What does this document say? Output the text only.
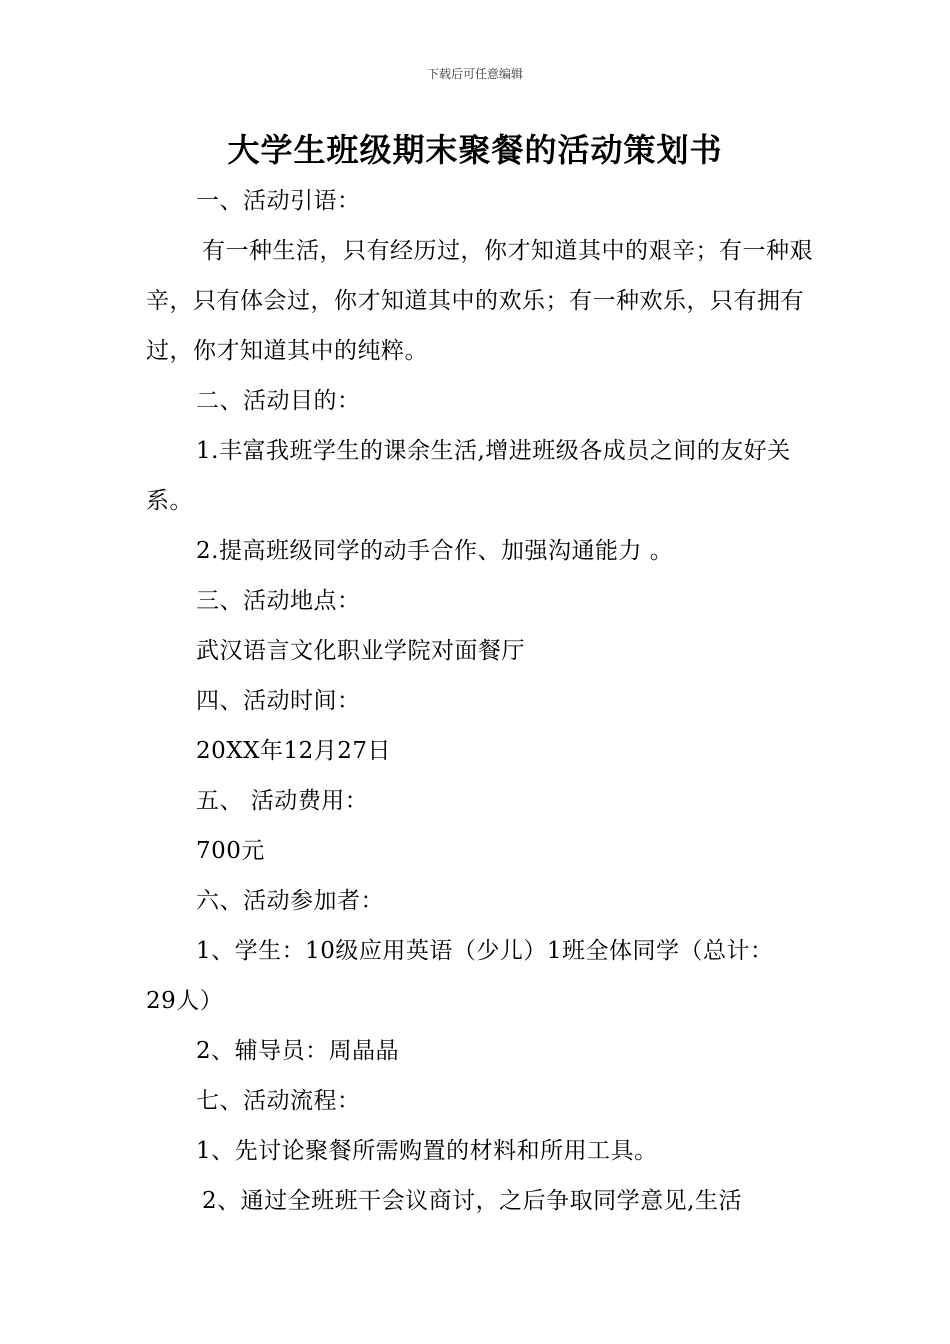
下载后可任意编辑
大学生班级期末聚餐的活动策划书

一、活动引语：

有一种生活，只有经历过，你才知道其中的艰辛；有一种艰辛，只有体会过，你才知道其中的欢乐；有一种欢乐，只有拥有过，你才知道其中的纯粹。

二、活动目的：

1.丰富我班学生的课余生活,增进班级各成员之间的友好关系。

2.提高班级同学的动手合作、加强沟通能力 。

三、活动地点：

武汉语言文化职业学院对面餐厅

四、活动时间：

20XX年12月27日

五、 活动费用：

700元

六、活动参加者：

1、学生：10级应用英语（少儿）1班全体同学（总计：

29人）

2、辅导员：周晶晶

七、活动流程：

1、先讨论聚餐所需购置的材料和所用工具。

2、通过全班班干会议商讨，之后争取同学意见,生活
